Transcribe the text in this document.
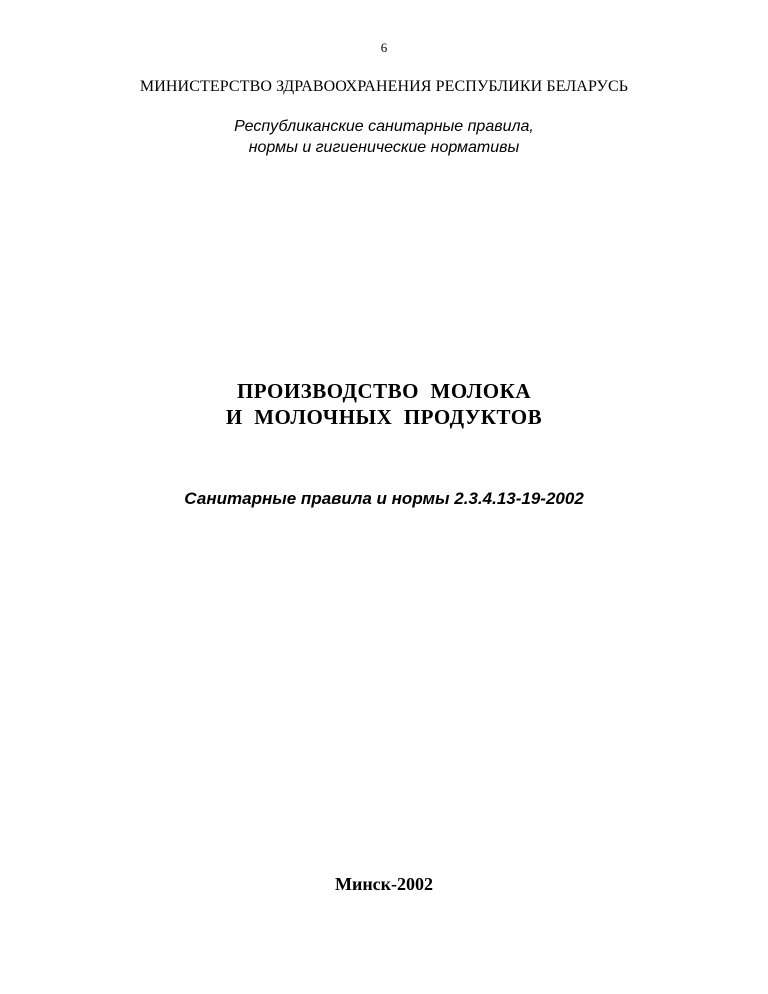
6
МИНИСТЕРСТВО ЗДРАВООХРАНЕНИЯ РЕСПУБЛИКИ БЕЛАРУСЬ
Республиканские санитарные правила,
нормы и гигиенические нормативы
ПРОИЗВОДСТВО  МОЛОКА
И  МОЛОЧНЫХ  ПРОДУКТОВ
Санитарные правила и нормы 2.3.4.13-19-2002
Минск-2002
